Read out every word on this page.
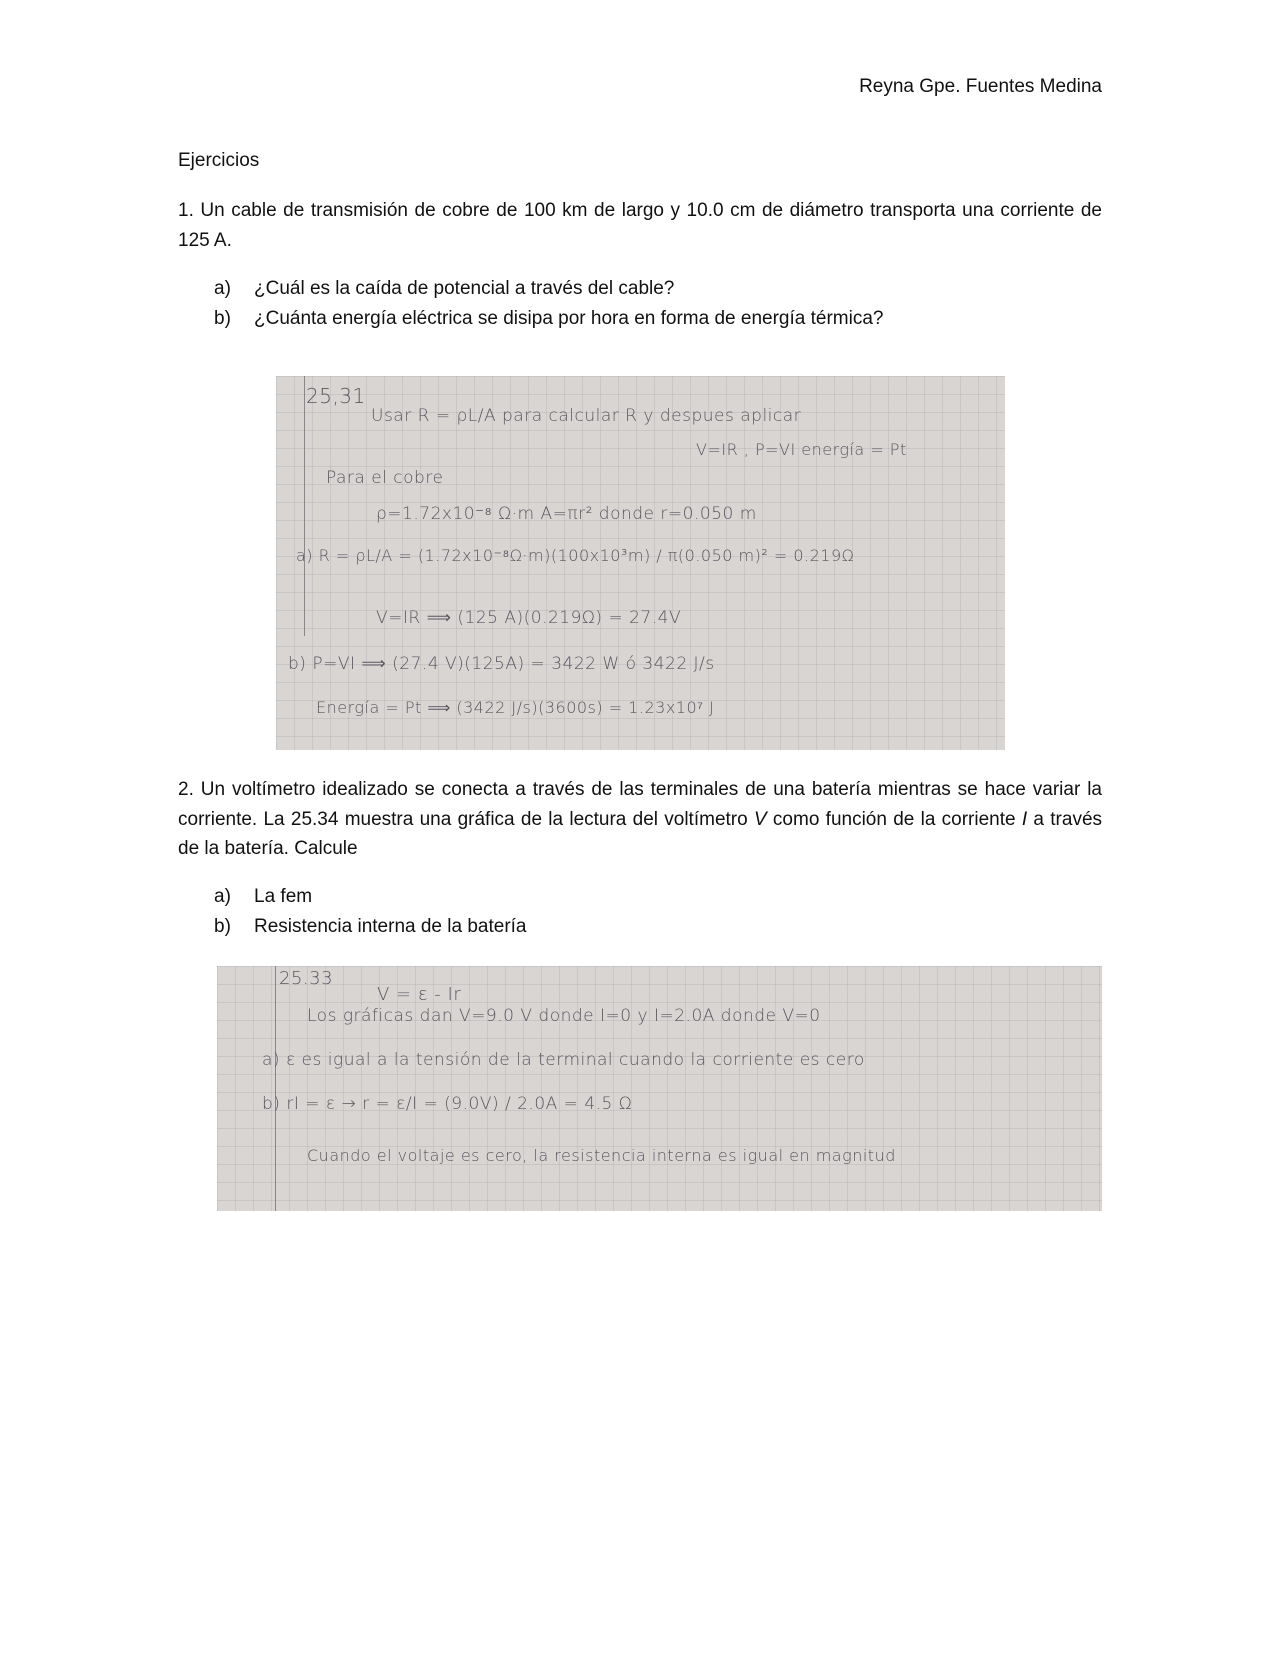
Reyna Gpe. Fuentes Medina
Ejercicios
1. Un cable de transmisión de cobre de 100 km de largo y 10.0 cm de diámetro transporta una corriente de 125 A.
a) ¿Cuál es la caída de potencial a través del cable?
b) ¿Cuánta energía eléctrica se disipa por hora en forma de energía térmica?
25,31
Usar R = ρL/A para calcular R y despues aplicar
V=IR , P=VI energía = Pt
Para el cobre
ρ=1.72x10⁻⁸ Ω·m A=πr² donde r=0.050 m
a) R = ρL/A = (1.72x10⁻⁸Ω·m)(100x10³m) / π(0.050 m)² = 0.219Ω
V=IR ⟹ (125 A)(0.219Ω) = 27.4V
b) P=VI ⟹ (27.4 V)(125A) = 3422 W ó 3422 J/s
Energía = Pt ⟹ (3422 J/s)(3600s) = 1.23x10⁷ J
2. Un voltímetro idealizado se conecta a través de las terminales de una batería mientras se hace variar la corriente. La 25.34 muestra una gráfica de la lectura del voltímetro V como función de la corriente I a través de la batería. Calcule
a) La fem
b) Resistencia interna de la batería
25.33
V = ε - Ir
Los gráficas dan V=9.0 V donde I=0 y I=2.0A donde V=0
a) ε es igual a la tensión de la terminal cuando la corriente es cero
b) rI = ε → r = ε/I = (9.0V) / 2.0A = 4.5 Ω
Cuando el voltaje es cero, la resistencia interna es igual en magnitud
